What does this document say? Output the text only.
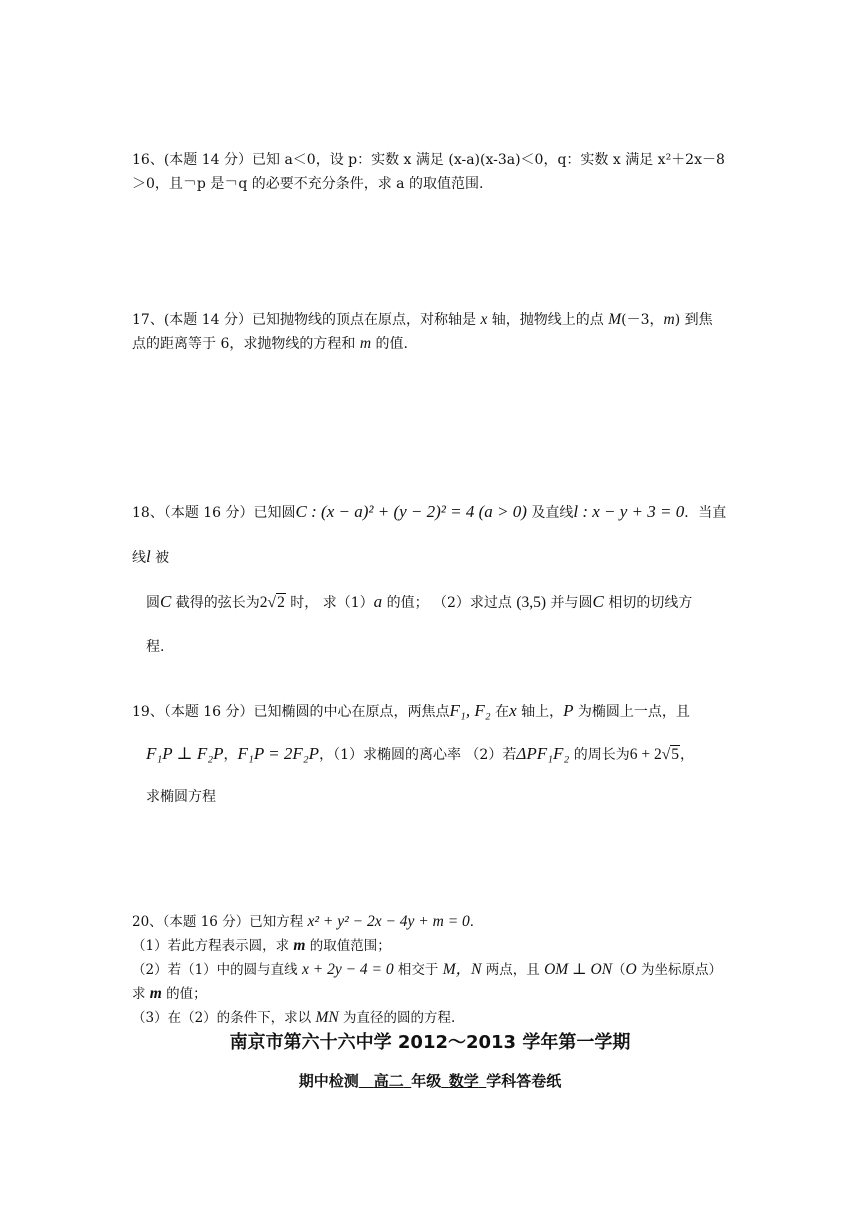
16、(本题 14 分）已知 a＜0，设 p：实数 x 满足 (x-a)(x-3a)＜0，q：实数 x 满足 x²＋2x－8

＞0，且￢p 是￢q 的必要不充分条件，求 a 的取值范围.

17、(本题 14 分）已知抛物线的顶点在原点，对称轴是 x 轴，抛物线上的点 M(－3，m) 到焦

点的距离等于 6，求抛物线的方程和 m 的值.

18、（本题 16 分）已知圆C : (x − a)² + (y − 2)² = 4 (a > 0) 及直线l : x − y + 3 = 0．当直线l 被

圆C 截得的弦长为2√2 时， 求（1）a 的值； （2）求过点 (3,5) 并与圆C 相切的切线方

程.

19、（本题 16 分）已知椭圆的中心在原点，两焦点F₁, F₂ 在x 轴上，P 为椭圆上一点，且

F₁P ⊥ F₂P，F₁P = 2F₂P，（1）求椭圆的离心率 （2）若ΔPF₁F₂ 的周长为6 + 2√5，

求椭圆方程

20、（本题 16 分）已知方程 x² + y² − 2x − 4y + m = 0．

（1）若此方程表示圆，求 m 的取值范围；

（2）若（1）中的圆与直线 x + 2y − 4 = 0 相交于 M，N 两点，且 OM ⊥ ON（O 为坐标原点）

求 m 的值；

（3）在（2）的条件下，求以 MN 为直径的圆的方程.

南京市第六十六中学 2012～2013 学年第一学期
期中检测  高二  年级  数学  学科答卷纸
